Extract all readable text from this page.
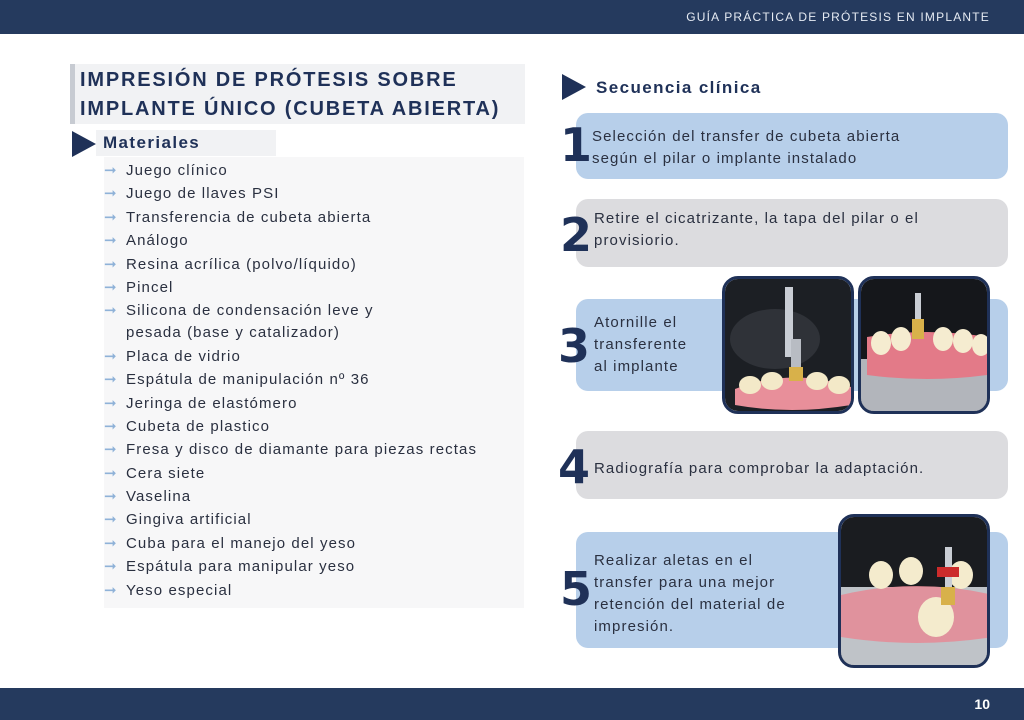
GUÍA PRÁCTICA DE PRÓTESIS EN IMPLANTE
IMPRESIÓN DE PRÓTESIS SOBRE
IMPLANTE ÚNICO (CUBETA ABIERTA)
Materiales
➞ Juego clínico
➞ Juego de llaves PSI
➞ Transferencia de cubeta abierta
➞ Análogo
➞ Resina acrílica (polvo/líquido)
➞ Pincel
➞ Silicona de condensación leve y
pesada (base y catalizador)
➞ Placa de vidrio
➞ Espátula de manipulación nº 36
➞ Jeringa de elastómero
➞ Cubeta de plastico
➞ Fresa y disco de diamante para piezas rectas
➞ Cera siete
➞ Vaselina
➞ Gingiva artificial
➞ Cuba para el manejo del yeso
➞ Espátula para manipular yeso
➞ Yeso especial
Secuencia clínica
1 Selección del transfer de cubeta abierta
según el pilar o implante instalado
2 Retire el cicatrizante, la tapa del pilar o el
provisiorio.
3 Atornille el
transferente
al implante
4 Radiografía para comprobar la adaptación.
5
Realizar aletas en el
transfer para una mejor
retención del material de
impresión.
10
